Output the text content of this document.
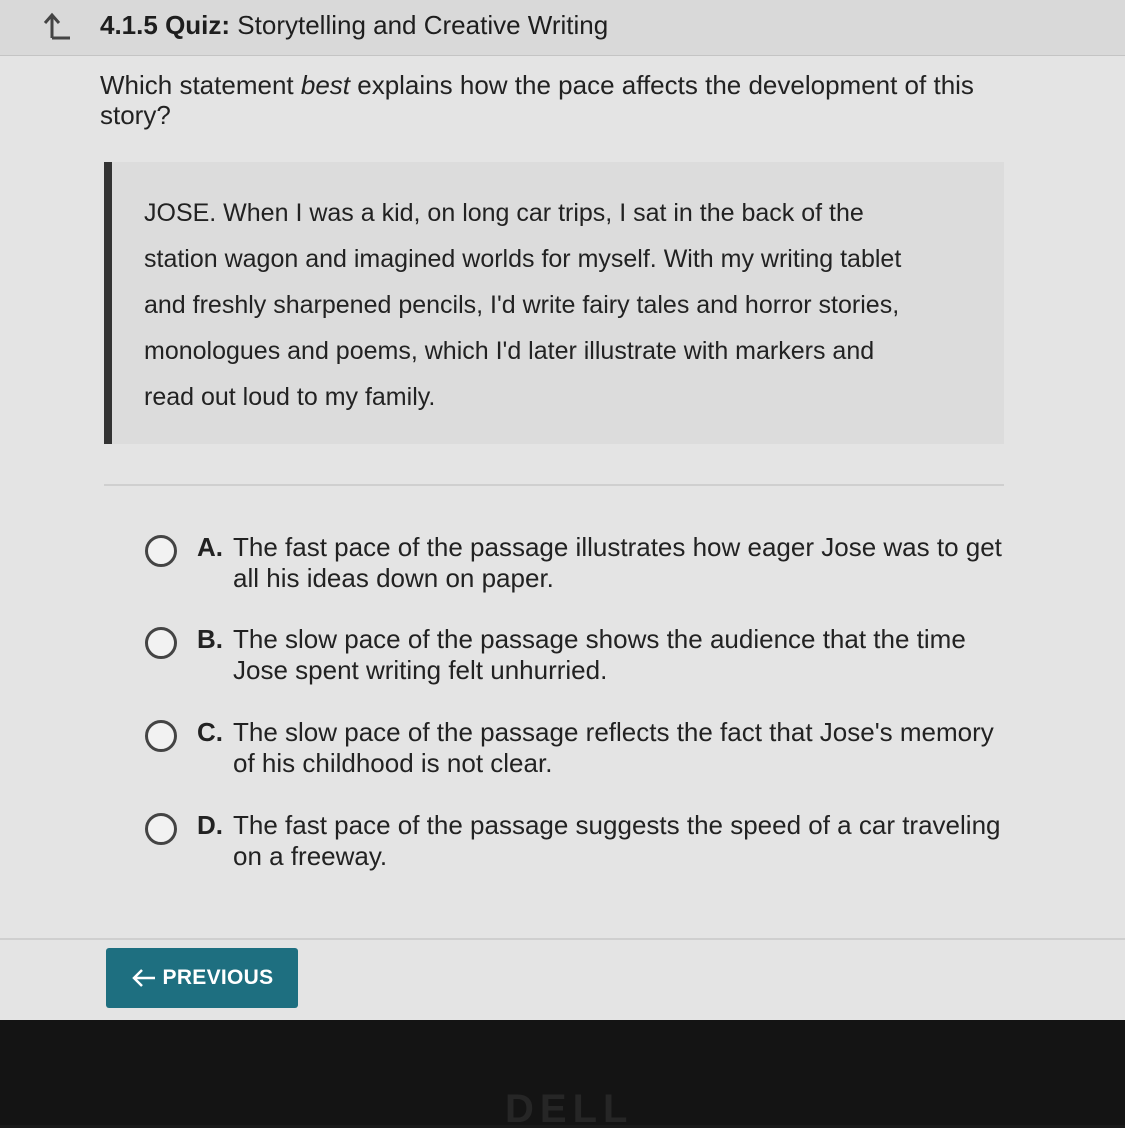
4.1.5 Quiz: Storytelling and Creative Writing
Which statement best explains how the pace affects the development of this story?

JOSE. When I was a kid, on long car trips, I sat in the back of the

station wagon and imagined worlds for myself. With my writing tablet

and freshly sharpened pencils, I'd write fairy tales and horror stories,

monologues and poems, which I'd later illustrate with markers and

read out loud to my family.

A. The fast pace of the passage illustrates how eager Jose was to get all his ideas down on paper.
B. The slow pace of the passage shows the audience that the time Jose spent writing felt unhurried.
C. The slow pace of the passage reflects the fact that Jose's memory of his childhood is not clear.
D. The fast pace of the passage suggests the speed of a car traveling on a freeway.
PREVIOUS
DELL
